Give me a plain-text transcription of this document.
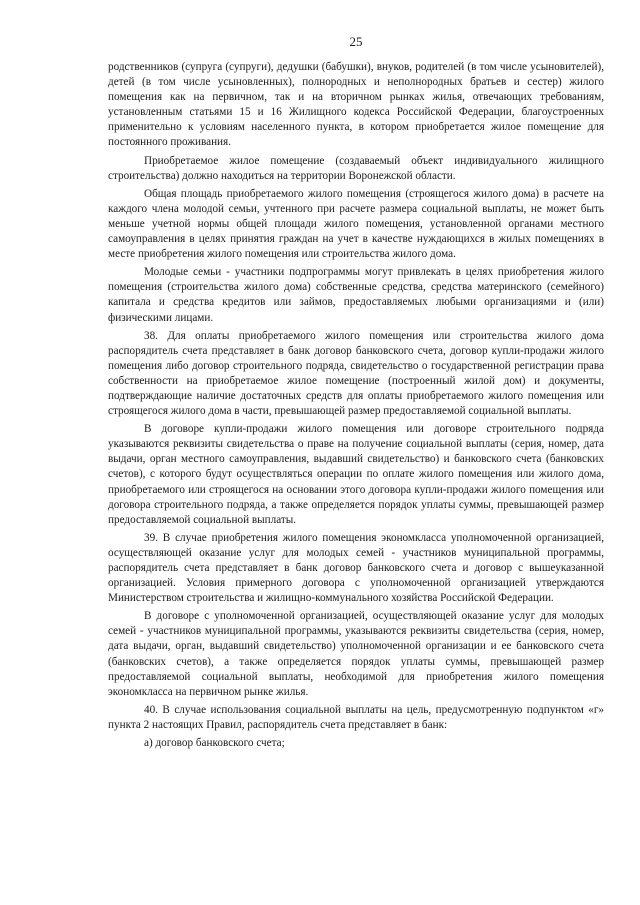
25

родственников (супруга (супруги), дедушки (бабушки), внуков, родителей (в том числе усыновителей), детей (в том числе усыновленных), полнородных и неполнородных братьев и сестер) жилого помещения как на первичном, так и на вторичном рынках жилья, отвечающих требованиям, установленным статьями 15 и 16 Жилищного кодекса Российской Федерации, благоустроенных применительно к условиям населенного пункта, в котором приобретается жилое помещение для постоянного проживания.

Приобретаемое жилое помещение (создаваемый объект индивидуального жилищного строительства) должно находиться на территории Воронежской области.

Общая площадь приобретаемого жилого помещения (строящегося жилого дома) в расчете на каждого члена молодой семьи, учтенного при расчете размера социальной выплаты, не может быть меньше учетной нормы общей площади жилого помещения, установленной органами местного самоуправления в целях принятия граждан на учет в качестве нуждающихся в жилых помещениях в месте приобретения жилого помещения или строительства жилого дома.

Молодые семьи - участники подпрограммы могут привлекать в целях приобретения жилого помещения (строительства жилого дома) собственные средства, средства материнского (семейного) капитала и средства кредитов или займов, предоставляемых любыми организациями и (или) физическими лицами.

38. Для оплаты приобретаемого жилого помещения или строительства жилого дома распорядитель счета представляет в банк договор банковского счета, договор купли-продажи жилого помещения либо договор строительного подряда, свидетельство о государственной регистрации права собственности на приобретаемое жилое помещение (построенный жилой дом) и документы, подтверждающие наличие достаточных средств для оплаты приобретаемого жилого помещения или строящегося жилого дома в части, превышающей размер предоставляемой социальной выплаты.

В договоре купли-продажи жилого помещения или договоре строительного подряда указываются реквизиты свидетельства о праве на получение социальной выплаты (серия, номер, дата выдачи, орган местного самоуправления, выдавший свидетельство) и банковского счета (банковских счетов), с которого будут осуществляться операции по оплате жилого помещения или жилого дома, приобретаемого или строящегося на основании этого договора купли-продажи жилого помещения или договора строительного подряда, а также определяется порядок уплаты суммы, превышающей размер предоставляемой социальной выплаты.

39. В случае приобретения жилого помещения экономкласса уполномоченной организацией, осуществляющей оказание услуг для молодых семей - участников муниципальной программы, распорядитель счета представляет в банк договор банковского счета и договор с вышеуказанной организацией. Условия примерного договора с уполномоченной организацией утверждаются Министерством строительства и жилищно-коммунального хозяйства Российской Федерации.

В договоре с уполномоченной организацией, осуществляющей оказание услуг для молодых семей - участников муниципальной программы, указываются реквизиты свидетельства (серия, номер, дата выдачи, орган, выдавший свидетельство) уполномоченной организации и ее банковского счета (банковских счетов), а также определяется порядок уплаты суммы, превышающей размер предоставляемой социальной выплаты, необходимой для приобретения жилого помещения экономкласса на первичном рынке жилья.

40. В случае использования социальной выплаты на цель, предусмотренную подпунктом «г» пункта 2 настоящих Правил, распорядитель счета представляет в банк:

а) договор банковского счета;
